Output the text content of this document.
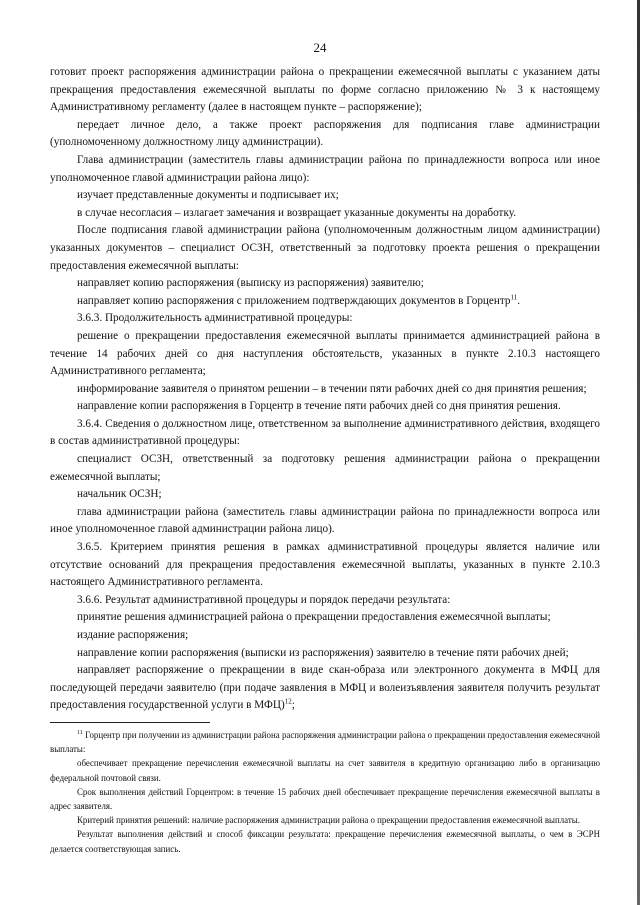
24

готовит проект распоряжения администрации района о прекращении ежемесячной выплаты с указанием даты прекращения предоставления ежемесячной выплаты по форме согласно приложению № 3 к настоящему Административному регламенту (далее в настоящем пункте – распоряжение);

передает личное дело, а также проект распоряжения для подписания главе администрации (уполномоченному должностному лицу администрации).

Глава администрации (заместитель главы администрации района по принадлежности вопроса или иное уполномоченное главой администрации района лицо):

изучает представленные документы и подписывает их;

в случае несогласия – излагает замечания и возвращает указанные документы на доработку.

После подписания главой администрации района (уполномоченным должностным лицом администрации) указанных документов – специалист ОСЗН, ответственный за подготовку проекта решения о прекращении предоставления ежемесячной выплаты:

направляет копию распоряжения (выписку из распоряжения) заявителю;

направляет копию распоряжения с приложением подтверждающих документов в Горцентр$^{11}$.

3.6.3. Продолжительность административной процедуры:

решение о прекращении предоставления ежемесячной выплаты принимается администрацией района в течение 14 рабочих дней со дня наступления обстоятельств, указанных в пункте 2.10.3 настоящего Административного регламента;

информирование заявителя о принятом решении – в течении пяти рабочих дней со дня принятия решения;

направление копии распоряжения в Горцентр в течение пяти рабочих дней со дня принятия решения.

3.6.4. Сведения о должностном лице, ответственном за выполнение административного действия, входящего в состав административной процедуры:

специалист ОСЗН, ответственный за подготовку решения администрации района о прекращении ежемесячной выплаты;

начальник ОСЗН;

глава администрации района (заместитель главы администрации района по принадлежности вопроса или иное уполномоченное главой администрации района лицо).

3.6.5. Критерием принятия решения в рамках административной процедуры является наличие или отсутствие оснований для прекращения предоставления ежемесячной выплаты, указанных в пункте 2.10.3 настоящего Административного регламента.

3.6.6. Результат административной процедуры и порядок передачи результата:

принятие решения администрацией района о прекращении предоставления ежемесячной выплаты;

издание распоряжения;

направление копии распоряжения (выписки из распоряжения) заявителю в течение пяти рабочих дней;

направляет распоряжение о прекращении в виде скан-образа или электронного документа в МФЦ для последующей передачи заявителю (при подаче заявления в МФЦ и волеизъявления заявителя получить результат предоставления государственной услуги в МФЦ)$^{12}$;

$^{11}$ Горцентр при получении из администрации района распоряжения администрации района о прекращении предоставления ежемесячной выплаты:

обеспечивает прекращение перечисления ежемесячной выплаты на счет заявителя в кредитную организацию либо в организацию федеральной почтовой связи.

Срок выполнения действий Горцентром: в течение 15 рабочих дней обеспечивает прекращение перечисления ежемесячной выплаты в адрес заявителя.

Критерий принятия решений: наличие распоряжения администрации района о прекращении предоставления ежемесячной выплаты.

Результат выполнения действий и способ фиксации результата: прекращение перечисления ежемесячной выплаты, о чем в ЭСРН делается соответствующая запись.
